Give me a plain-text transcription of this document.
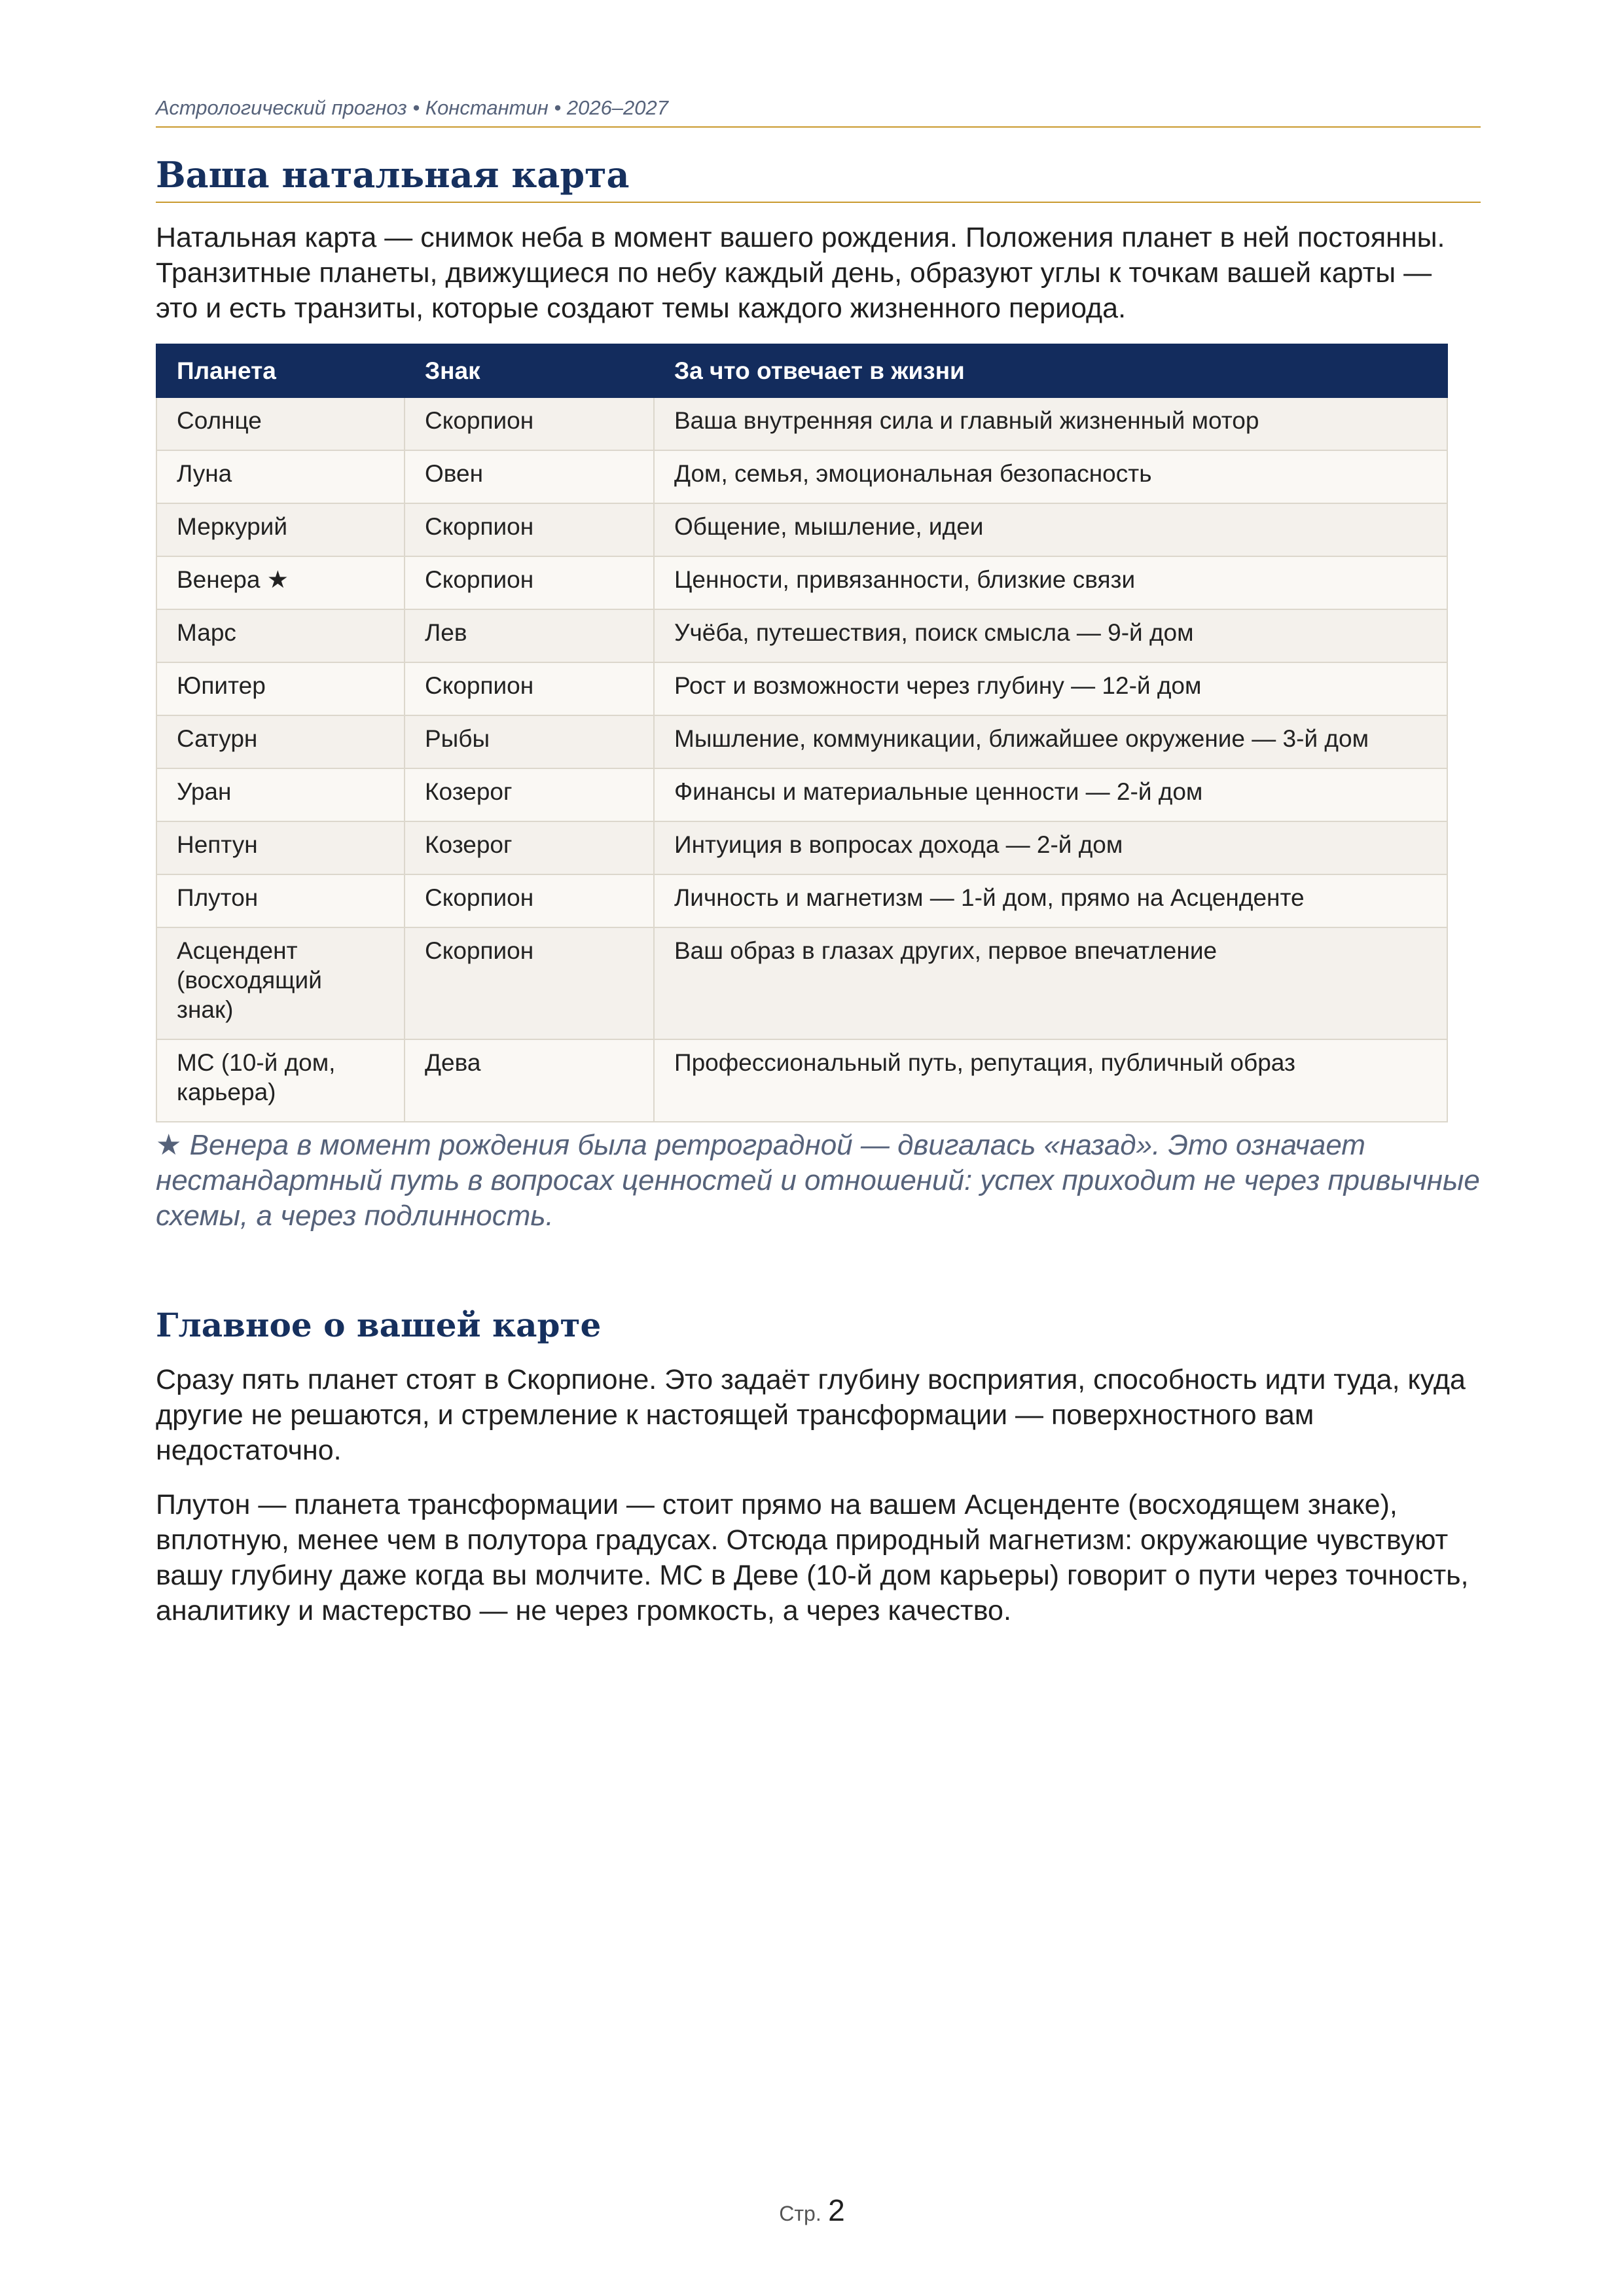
Астрологический прогноз • Константин • 2026–2027
Ваша натальная карта

Натальная карта — снимок неба в момент вашего рождения. Положения планет в ней постоянны. Транзитные планеты, движущиеся по небу каждый день, образуют углы к точкам вашей карты — это и есть транзиты, которые создают темы каждого жизненного периода.

Планета	Знак	За что отвечает в жизни
Солнце	Скорпион	Ваша внутренняя сила и главный жизненный мотор
Луна	Овен	Дом, семья, эмоциональная безопасность
Меркурий	Скорпион	Общение, мышление, идеи
Венера ★	Скорпион	Ценности, привязанности, близкие связи
Марс	Лев	Учёба, путешествия, поиск смысла — 9-й дом
Юпитер	Скорпион	Рост и возможности через глубину — 12-й дом
Сатурн	Рыбы	Мышление, коммуникации, ближайшее окружение — 3-й дом
Уран	Козерог	Финансы и материальные ценности — 2-й дом
Нептун	Козерог	Интуиция в вопросах дохода — 2-й дом
Плутон	Скорпион	Личность и магнетизм — 1-й дом, прямо на Асценденте
Асцендент (восходящий знак)	Скорпион	Ваш образ в глазах других, первое впечатление
MC (10-й дом, карьера)	Дева	Профессиональный путь, репутация, публичный образ

★ Венера в момент рождения была ретроградной — двигалась «назад». Это означает нестандартный путь в вопросах ценностей и отношений: успех приходит не через привычные схемы, а через подлинность.

Главное о вашей карте

Сразу пять планет стоят в Скорпионе. Это задаёт глубину восприятия, способность идти туда, куда другие не решаются, и стремление к настоящей трансформации — поверхностного вам недостаточно.

Плутон — планета трансформации — стоит прямо на вашем Асценденте (восходящем знаке), вплотную, менее чем в полутора градусах. Отсюда природный магнетизм: окружающие чувствуют вашу глубину даже когда вы молчите. MC в Деве (10-й дом карьеры) говорит о пути через точность, аналитику и мастерство — не через громкость, а через качество.

Стр. 2
